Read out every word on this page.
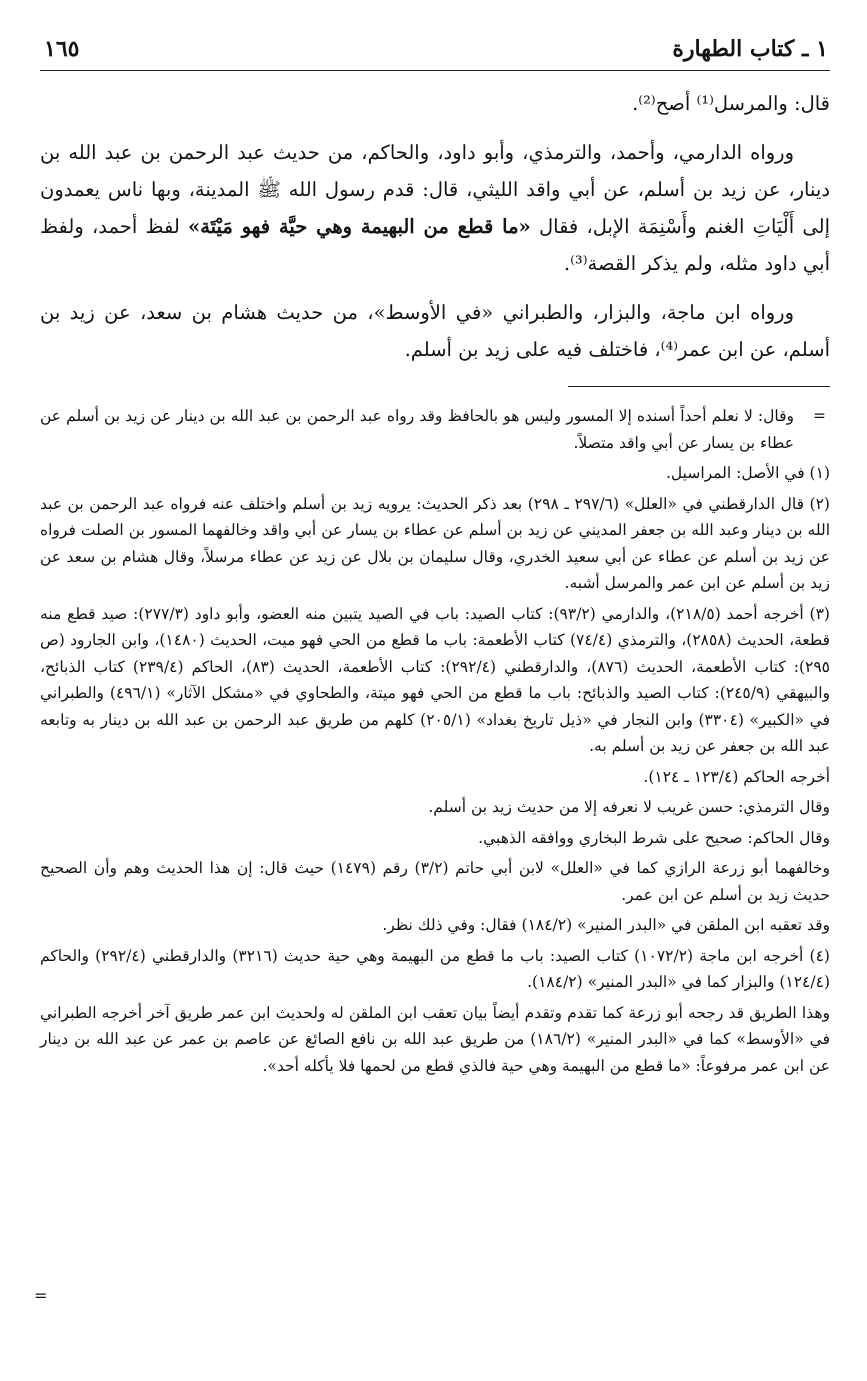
١ ـ كتاب الطهارة
١٦٥

قال: والمرسل⁽¹⁾ أصح⁽²⁾.

ورواه الدارمي، وأحمد، والترمذي، وأبو داود، والحاكم، من حديث عبد الرحمن بن عبد الله بن دينار، عن زيد بن أسلم، عن أبي واقد الليثي، قال: قدم رسول الله ﷺ المدينة، وبها ناس يعمدون إلى أَلْيَاتِ الغنم وأَسْنِمَة الإبل، فقال «ما قطع من البهيمة وهي حيَّة فهو مَيْتَة» لفظ أحمد، ولفظ أبي داود مثله، ولم يذكر القصة⁽³⁾.

ورواه ابن ماجة، والبزار، والطبراني «في الأوسط»، من حديث هشام بن سعد، عن زيد بن أسلم، عن ابن عمر⁽⁴⁾، فاختلف فيه على زيد بن أسلم.

=
وقال: لا نعلم أحداً أسنده إلا المسور وليس هو بالحافظ وقد رواه عبد الرحمن بن عبد الله بن دينار عن زيد بن أسلم عن عطاء بن يسار عن أبي واقد متصلاً.

(١) في الأصل: المراسيل.

(٢) قال الدارقطني في «العلل» (٢٩٧/٦ ـ ٢٩٨) بعد ذكر الحديث: يرويه زيد بن أسلم واختلف عنه فرواه عبد الرحمن بن عبد الله بن دينار وعبد الله بن جعفر المديني عن زيد بن أسلم عن عطاء بن يسار عن أبي واقد وخالفهما المسور بن الصلت فرواه عن زيد بن أسلم عن عطاء عن أبي سعيد الخدري، وقال سليمان بن بلال عن زيد عن عطاء مرسلاً، وقال هشام بن سعد عن زيد بن أسلم عن ابن عمر والمرسل أشبه.

(٣) أخرجه أحمد (٢١٨/٥)، والدارمي (٩٣/٢): كتاب الصيد: باب في الصيد يتبين منه العضو، وأبو داود (٢٧٧/٣): صيد قطع منه قطعة، الحديث (٢٨٥٨)، والترمذي (٧٤/٤) كتاب الأطعمة: باب ما قطع من الحي فهو ميت، الحديث (١٤٨٠)، وابن الجارود (ص ٢٩٥): كتاب الأطعمة، الحديث (٨٧٦)، والدارقطني (٢٩٢/٤): كتاب الأطعمة، الحديث (٨٣)، الحاكم (٢٣٩/٤) كتاب الذبائح، والبيهقي (٢٤٥/٩): كتاب الصيد والذبائح: باب ما قطع من الحي فهو ميتة، والطحاوي في «مشكل الآثار» (٤٩٦/١) والطبراني في «الكبير» (٣٣٠٤) وابن النجار في «ذيل تاريخ بغداد» (٢٠٥/١) كلهم من طريق عبد الرحمن بن عبد الله بن دينار به وتابعه عبد الله بن جعفر عن زيد بن أسلم به.

أخرجه الحاكم (١٢٣/٤ ـ ١٢٤).

وقال الترمذي: حسن غريب لا نعرفه إلا من حديث زيد بن أسلم.

وقال الحاكم: صحيح على شرط البخاري ووافقه الذهبي.

وخالفهما أبو زرعة الرازي كما في «العلل» لابن أبي حاتم (٣/٢) رقم (١٤٧٩) حيث قال: إن هذا الحديث وهم وأن الصحيح حديث زيد بن أسلم عن ابن عمر.

وقد تعقبه ابن الملقن في «البدر المنير» (١٨٤/٢) فقال: وفي ذلك نظر.

(٤) أخرجه ابن ماجة (١٠٧٢/٢) كتاب الصيد: باب ما قطع من البهيمة وهي حية حديث (٣٢١٦) والدارقطني (٢٩٢/٤) والحاكم (١٢٤/٤) والبزار كما في «البدر المنير» (١٨٤/٢).

وهذا الطريق قد رجحه أبو زرعة كما تقدم وتقدم أيضاً بيان تعقب ابن الملقن له ولحديث ابن عمر طريق آخر أخرجه الطبراني في «الأوسط» كما في «البدر المنير» (١٨٦/٢) من طريق عبد الله بن نافع الصائغ عن عاصم بن عمر عن عبد الله بن دينار عن ابن عمر مرفوعاً: «ما قطع من البهيمة وهي حية فالذي قطع من لحمها فلا يأكله أحد».

=
